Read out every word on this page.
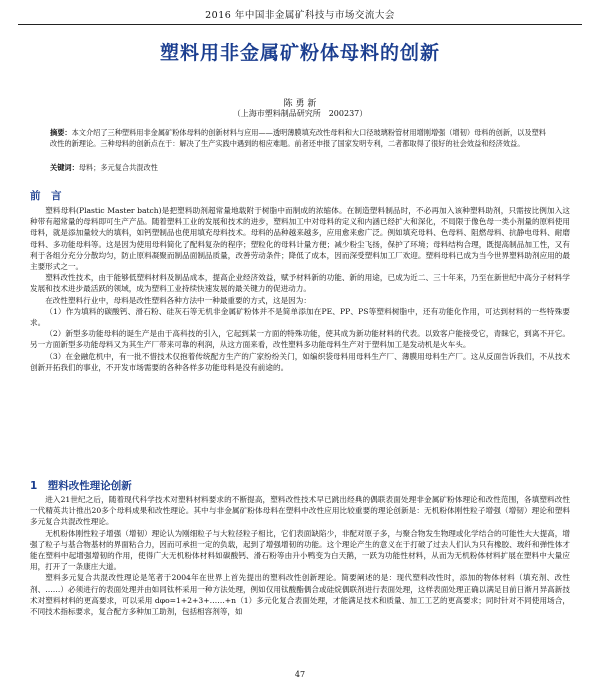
2016 年中国非金属矿科技与市场交流大会
塑料用非金属矿粉体母料的创新
陈 勇 新
（上海市塑料制品研究所　200237）
摘要：本文介绍了三种塑料用非金属矿粉体母料的创新材料与应用——透明薄膜填充改性母料和大口径玻璃粉管材用增刚增强（增韧）母料的创新，以及塑料改性的新理论。三种母料的创新点在于：解决了生产实践中遇到的相应难题。前者还申报了国家发明专利，二者都取得了很好的社会效益和经济效益。
关键词：母料；多元复合共混改性
前　言

塑料母料(Plastic Master batch)是把塑料助剂超常量地载附于树脂中而制成的浓缩体。在制造塑料制品时，不必再加入该种塑料助剂，只需按比例加入这种带有超常量的母料即可生产产品。随着塑料工业的发展和技术的进步，塑料加工中对母料的定义和内涵已经扩大和深化，不局限于像色母一类小剂量的原料使用母料，就是添加量较大的填料，如钙塑制品也使用填充母料技术。母料的品种越来越多，应用愈来愈广泛。例如填充母料、色母料、阻燃母料、抗静电母料、耐磨母料、多功能母料等。这是因为使用母料简化了配料复杂的程序；塑粒化的母料计量方便；减少粉尘飞扬，保护了环境；母料结构合理，既提高制品加工性，又有利于各组分充分分散均匀，防止原料凝聚而制品面制品质量，改善劳动条件；降低了成本，因而深受塑料加工厂欢迎。塑料母料已成为当今世界塑料助剂应用的最主要形式之一。

塑料改性技术，由于能够低塑料材料及制品成本，提高企业经济效益，赋予材料新的功能、新的用途，已成为近二、三十年来，乃至在新世纪中高分子材料学发展和技术进步最活跃的领域，成为塑料工业持续快速发展的最关键力的促进动力。

在改性塑料行业中，母料是改性塑料各种方法中一种最重要的方式，这是因为：

（1）作为填料的碳酸钙、滑石粉、硅灰石等无机非金属矿粉体并不是简单添加在PE、PP、PS等塑料树脂中，还有功能化作用，可达到材料的一些特殊要求。

（2）新型多功能母料的诞生产是由于高科技的引入，它起到某一方面的特殊功能，使其成为新功能材料的代表。以致客户能接受它，青睐它，到离不开它。另一方面新型多功能母料又为其生产厂带来可靠的利润，从这方面来看，改性塑料多功能母料生产对于塑料加工是发动机是火车头。

（3）在金融危机中，有一批不惜技术仅抱着传统配方生产的广家纷纷关门，如编织袋母料用母料生产厂、薄膜用母料生产厂。这从反面告诉我们，不从技术创新开拓我们的事业，不开发市场需要的各种各样多功能母料是没有前途的。

1　塑料改性理论创新

进入21世纪之后，随着现代科学技术对塑料材料要求的不断提高，塑料改性技术早已跳出经典的偶联表面处理非金属矿粉体理论和改性范围，各填塑料改性一代精英共计推出20多个母料成果和改性理论。其中与非金属矿粉体母料在塑料中改性应用比较重要的理论创新是：无机粉体刚性粒子增强（增韧）理论和塑料多元复合共混改性理论。

无机粉体刚性粒子增强（增韧）理论认为刚细粒子与大粒径粒子相比，它们表面缺陷少，非配对原子多，与聚合物发生物理或化学结合的可能性大大提高，增强了粒子与基合物基材的界面粘合力，因而可承担一定的负载，起到了增强增韧的功能。这个理论产生的意义在于打破了过去人们认为只有橡胶、玻纤和弹性体才能在塑料中起增强增韧的作用，使得广大无机粉体材料如碳酸钙、滑石粉等由升小鸭变为白天鹅，一跃为功能性材料，从而为无机粉体材料扩展在塑料中大量应用，打开了一条康庄大道。

塑料多元复合共混改性理论是笔者于2004年在世界上首先提出的塑料改性创新理论。简要阐述的是：现代塑料改性时，添加的物体材料（填充剂、改性剂、……）必须进行的表面处理并由如同钛杯采用一种方法处理，例如仅用钛酸酯偶合或硅烷偶联剂进行表面处理，这样表面处理正确以满足目前日渐月异高新技术对塑料材料的更高要求，可以采用 dφo=1+2+3+……+n（1）多元化复合表面处理，才能满足技术和质量、加工工艺的更高要求；同时针对不同使用场合，不同技术指标要求，复合配方多种加工助剂，包括相容剂等，如

47
